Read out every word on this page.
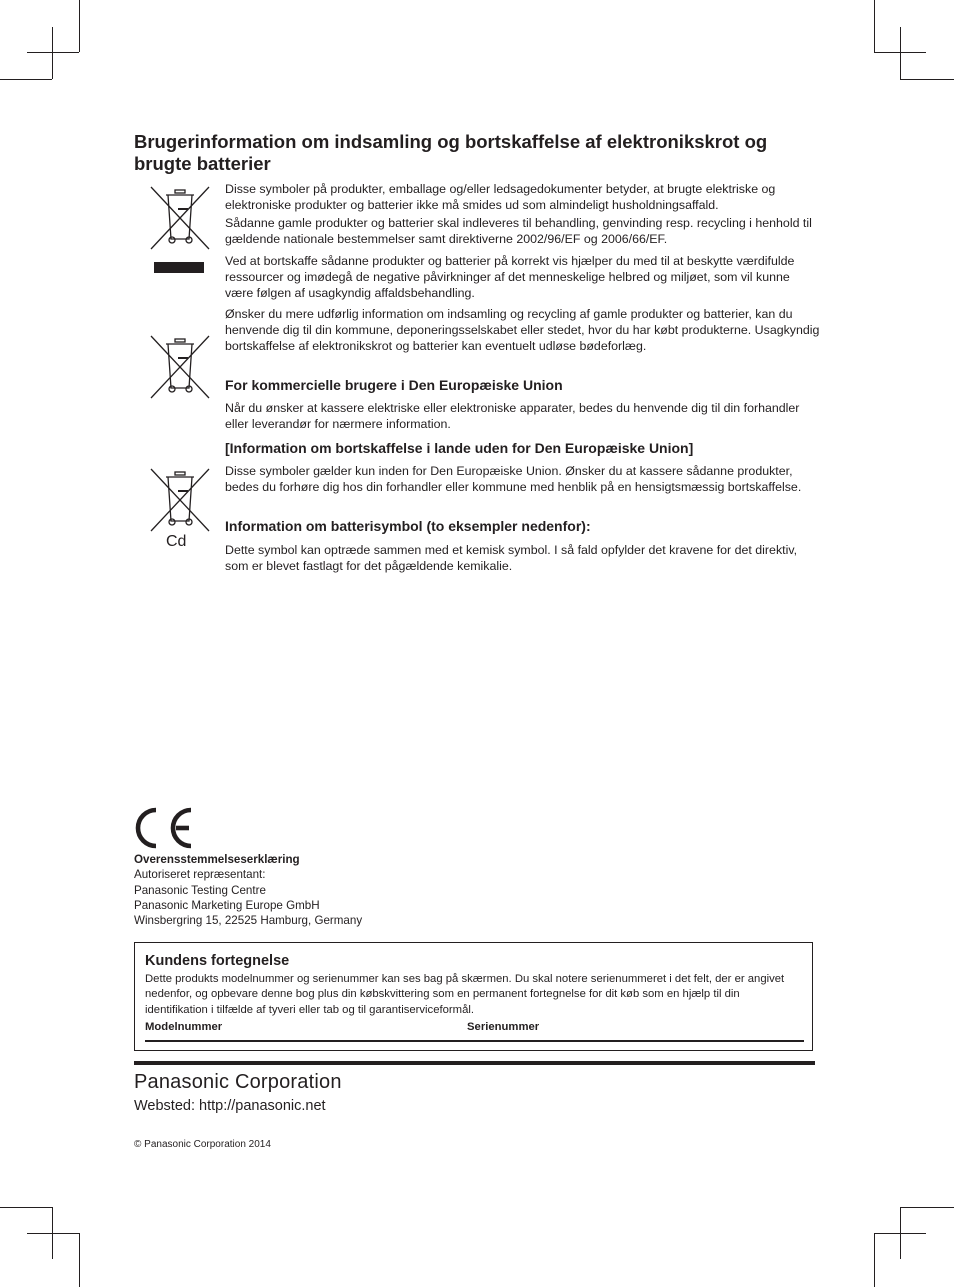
Brugerinformation om indsamling og bortskaffelse af elektronikskrot og brugte batterier
Cd

Disse symboler på produkter, emballage og/eller ledsagedokumenter betyder, at brugte elektriske og elektroniske produkter og batterier ikke må smides ud som almindeligt husholdningsaffald.

Sådanne gamle produkter og batterier skal indleveres til behandling, genvinding resp. recycling i henhold til gældende nationale bestemmelser samt direktiverne 2002/96/EF og 2006/66/EF.

Ved at bortskaffe sådanne produkter og batterier på korrekt vis hjælper du med til at beskytte værdifulde ressourcer og imødegå de negative påvirkninger af det menneskelige helbred og miljøet, som vil kunne være følgen af usagkyndig affaldsbehandling.

Ønsker du mere udførlig information om indsamling og recycling af gamle produkter og batterier, kan du henvende dig til din kommune, deponeringsselskabet eller stedet, hvor du har købt produkterne. Usagkyndig bortskaffelse af elektronikskrot og batterier kan eventuelt udløse bødeforlæg.

For kommercielle brugere i Den Europæiske Union

Når du ønsker at kassere elektriske eller elektroniske apparater, bedes du henvende dig til din forhandler eller leverandør for nærmere information.

[Information om bortskaffelse i lande uden for Den Europæiske Union]

Disse symboler gælder kun inden for Den Europæiske Union. Ønsker du at kassere sådanne produkter, bedes du forhøre dig hos din forhandler eller kommune med henblik på en hensigtsmæssig bortskaffelse.

Information om batterisymbol (to eksempler nedenfor):

Dette symbol kan optræde sammen med et kemisk symbol. I så fald opfylder det kravene for det direktiv, som er blevet fastlagt for det pågældende kemikalie.

Overensstemmelseserklæring
Autoriseret repræsentant:
Panasonic Testing Centre
Panasonic Marketing Europe GmbH
Winsbergring 15, 22525 Hamburg, Germany
Kundens fortegnelse

Dette produkts modelnummer og serienummer kan ses bag på skærmen. Du skal notere serienummeret i det felt, der er angivet nedenfor, og opbevare denne bog plus din købskvittering som en permanent fortegnelse for dit køb som en hjælp til din identifikation i tilfælde af tyveri eller tab og til garantiserviceformål.

Modelnummer	Serienummer
Panasonic Corporation
Websted: http://panasonic.net
© Panasonic Corporation 2014
